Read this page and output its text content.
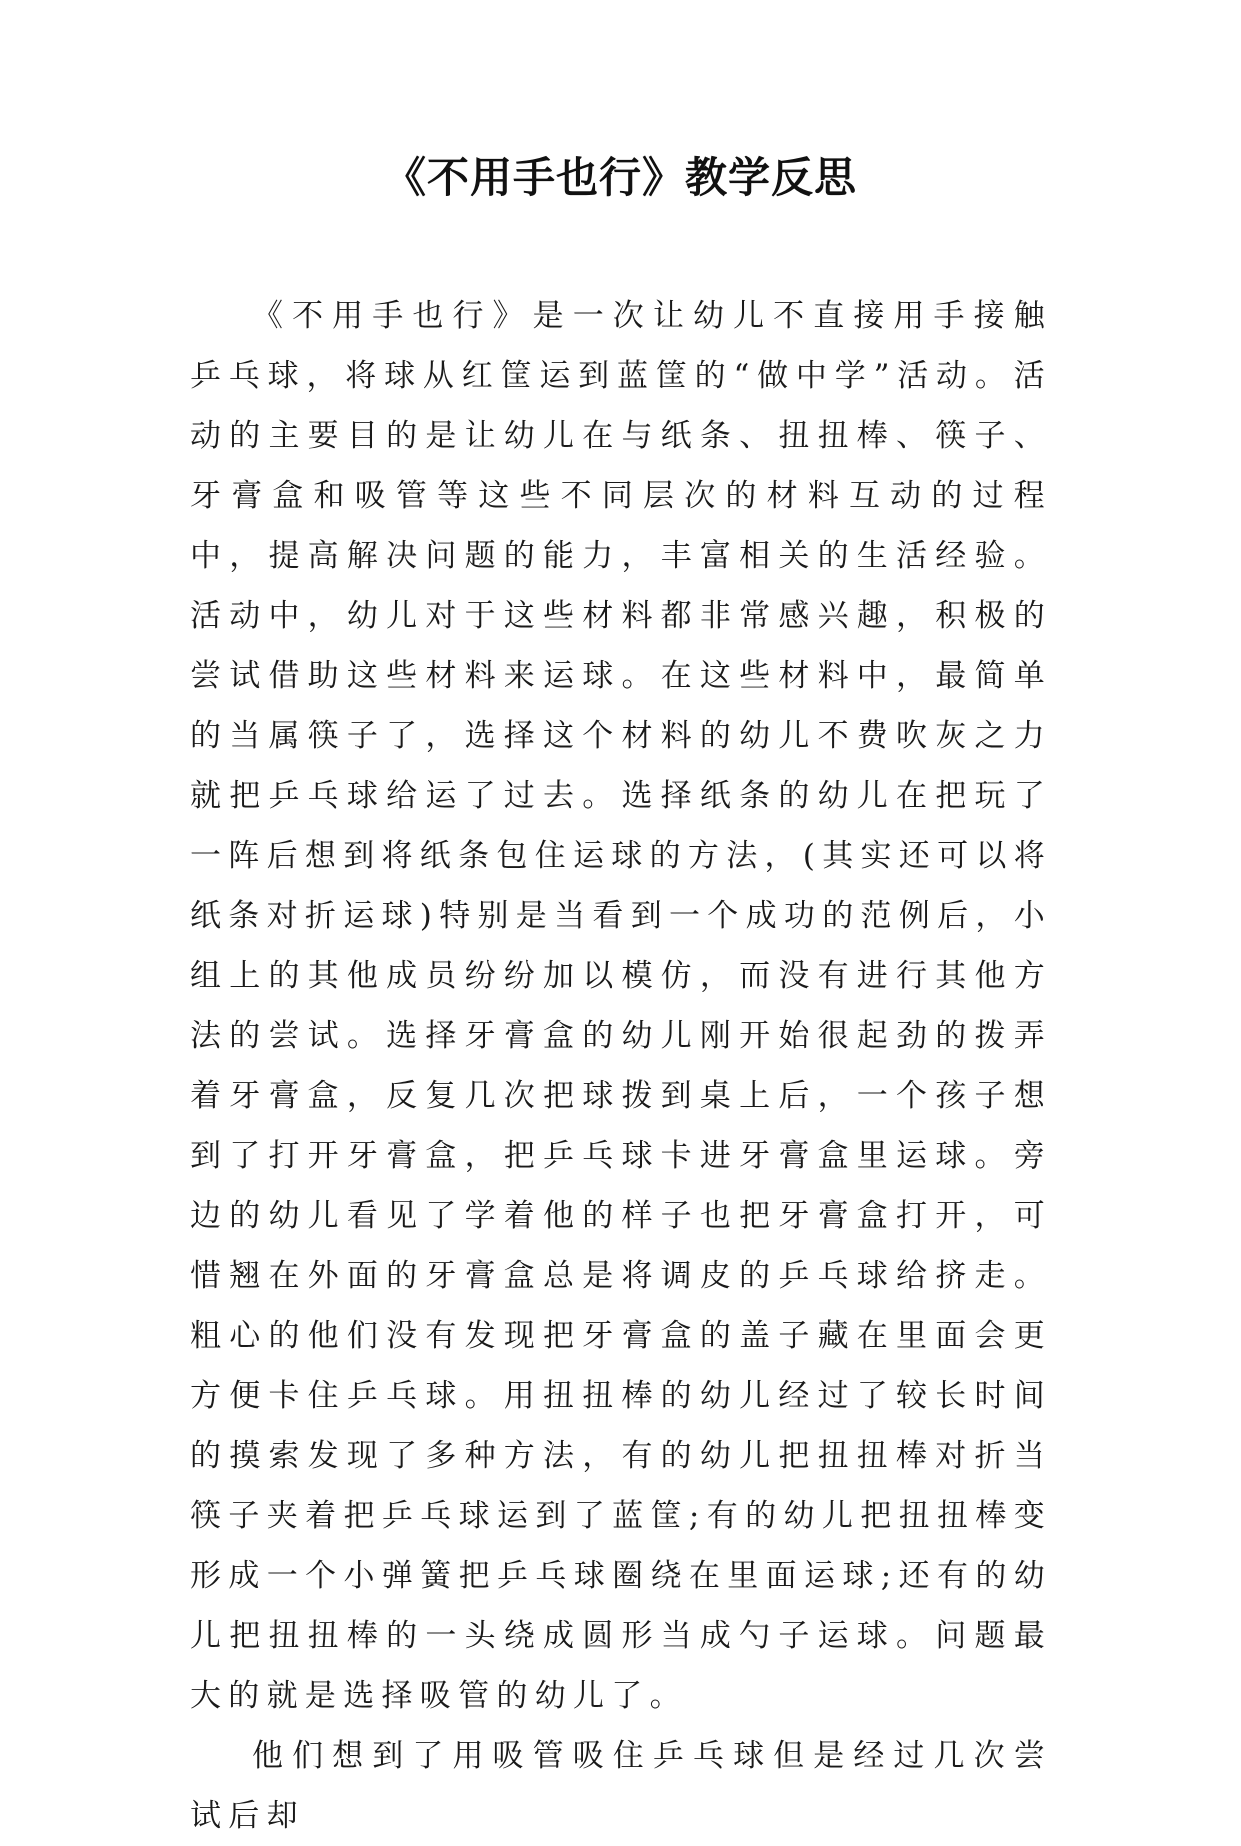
《不用手也行》教学反思

《不用手也行》是一次让幼儿不直接用手接触乒乓球，将球从红筐运到蓝筐的“做中学”活动。活动的主要目的是让幼儿在与纸条、扭扭棒、筷子、牙膏盒和吸管等这些不同层次的材料互动的过程中，提高解决问题的能力，丰富相关的生活经验。活动中，幼儿对于这些材料都非常感兴趣，积极的尝试借助这些材料来运球。在这些材料中，最简单的当属筷子了，选择这个材料的幼儿不费吹灰之力就把乒乓球给运了过去。选择纸条的幼儿在把玩了一阵后想到将纸条包住运球的方法，(其实还可以将纸条对折运球)特别是当看到一个成功的范例后，小组上的其他成员纷纷加以模仿，而没有进行其他方法的尝试。选择牙膏盒的幼儿刚开始很起劲的拨弄着牙膏盒，反复几次把球拨到桌上后，一个孩子想到了打开牙膏盒，把乒乓球卡进牙膏盒里运球。旁边的幼儿看见了学着他的样子也把牙膏盒打开，可惜翘在外面的牙膏盒总是将调皮的乒乓球给挤走。粗心的他们没有发现把牙膏盒的盖子藏在里面会更方便卡住乒乓球。用扭扭棒的幼儿经过了较长时间的摸索发现了多种方法，有的幼儿把扭扭棒对折当筷子夹着把乒乓球运到了蓝筐;有的幼儿把扭扭棒变形成一个小弹簧把乒乓球圈绕在里面运球;还有的幼儿把扭扭棒的一头绕成圆形当成勺子运球。问题最大的就是选择吸管的幼儿了。

他们想到了用吸管吸住乒乓球但是经过几次尝试后却
